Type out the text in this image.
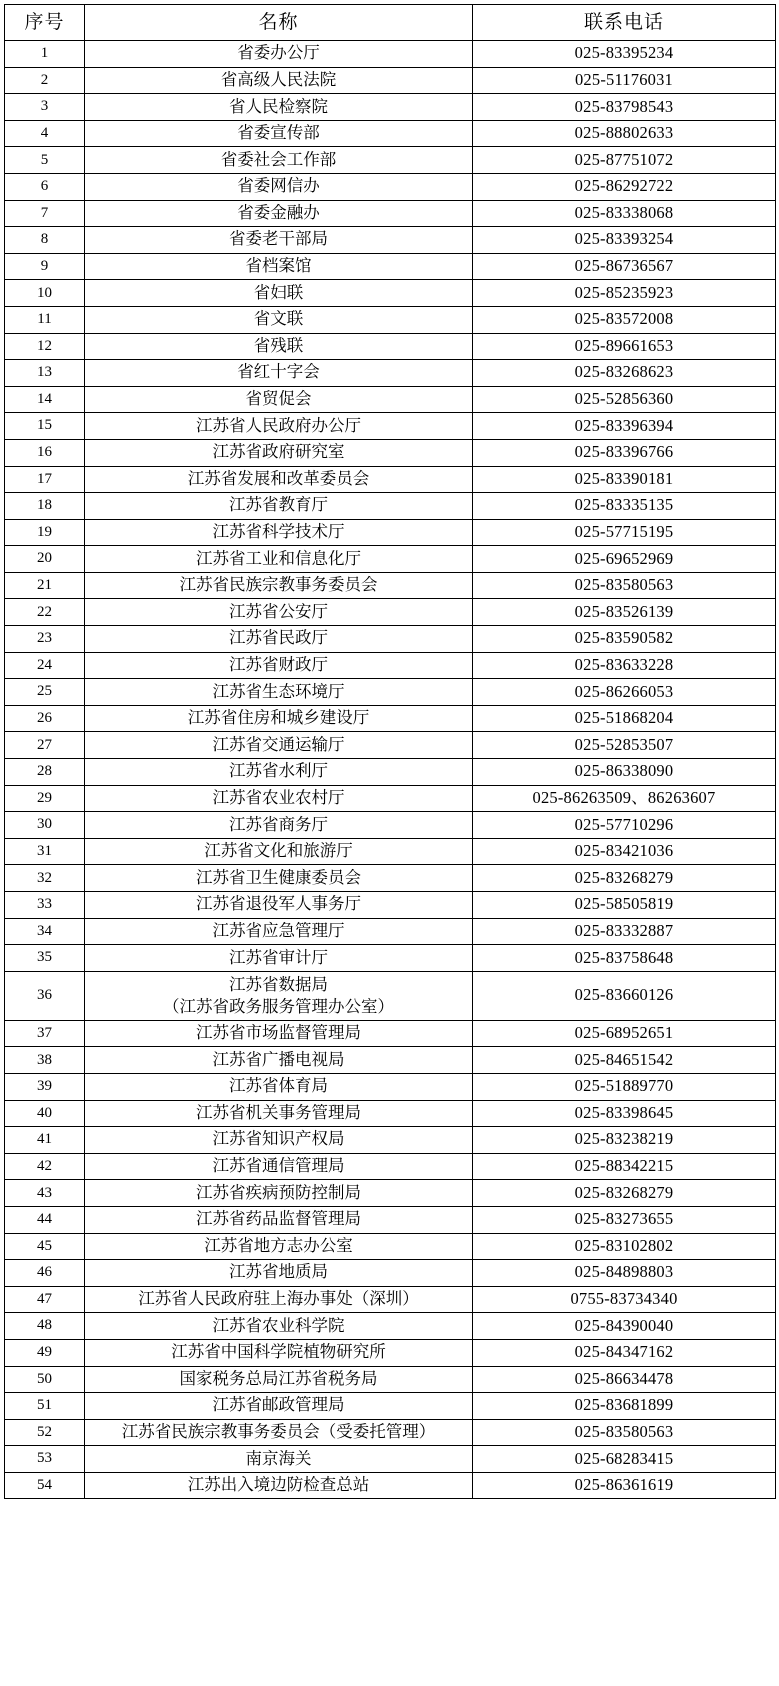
序号	名称	联系电话
1	省委办公厅	025-83395234
2	省高级人民法院	025-51176031
3	省人民检察院	025-83798543
4	省委宣传部	025-88802633
5	省委社会工作部	025-87751072
6	省委网信办	025-86292722
7	省委金融办	025-83338068
8	省委老干部局	025-83393254
9	省档案馆	025-86736567
10	省妇联	025-85235923
11	省文联	025-83572008
12	省残联	025-89661653
13	省红十字会	025-83268623
14	省贸促会	025-52856360
15	江苏省人民政府办公厅	025-83396394
16	江苏省政府研究室	025-83396766
17	江苏省发展和改革委员会	025-83390181
18	江苏省教育厅	025-83335135
19	江苏省科学技术厅	025-57715195
20	江苏省工业和信息化厅	025-69652969
21	江苏省民族宗教事务委员会	025-83580563
22	江苏省公安厅	025-83526139
23	江苏省民政厅	025-83590582
24	江苏省财政厅	025-83633228
25	江苏省生态环境厅	025-86266053
26	江苏省住房和城乡建设厅	025-51868204
27	江苏省交通运输厅	025-52853507
28	江苏省水利厅	025-86338090
29	江苏省农业农村厅	025-86263509、86263607
30	江苏省商务厅	025-57710296
31	江苏省文化和旅游厅	025-83421036
32	江苏省卫生健康委员会	025-83268279
33	江苏省退役军人事务厅	025-58505819
34	江苏省应急管理厅	025-83332887
35	江苏省审计厅	025-83758648
36	江苏省数据局
（江苏省政务服务管理办公室）	025-83660126
37	江苏省市场监督管理局	025-68952651
38	江苏省广播电视局	025-84651542
39	江苏省体育局	025-51889770
40	江苏省机关事务管理局	025-83398645
41	江苏省知识产权局	025-83238219
42	江苏省通信管理局	025-88342215
43	江苏省疾病预防控制局	025-83268279
44	江苏省药品监督管理局	025-83273655
45	江苏省地方志办公室	025-83102802
46	江苏省地质局	025-84898803
47	江苏省人民政府驻上海办事处（深圳）	0755-83734340
48	江苏省农业科学院	025-84390040
49	江苏省中国科学院植物研究所	025-84347162
50	国家税务总局江苏省税务局	025-86634478
51	江苏省邮政管理局	025-83681899
52	江苏省民族宗教事务委员会（受委托管理）	025-83580563
53	南京海关	025-68283415
54	江苏出入境边防检查总站	025-86361619
